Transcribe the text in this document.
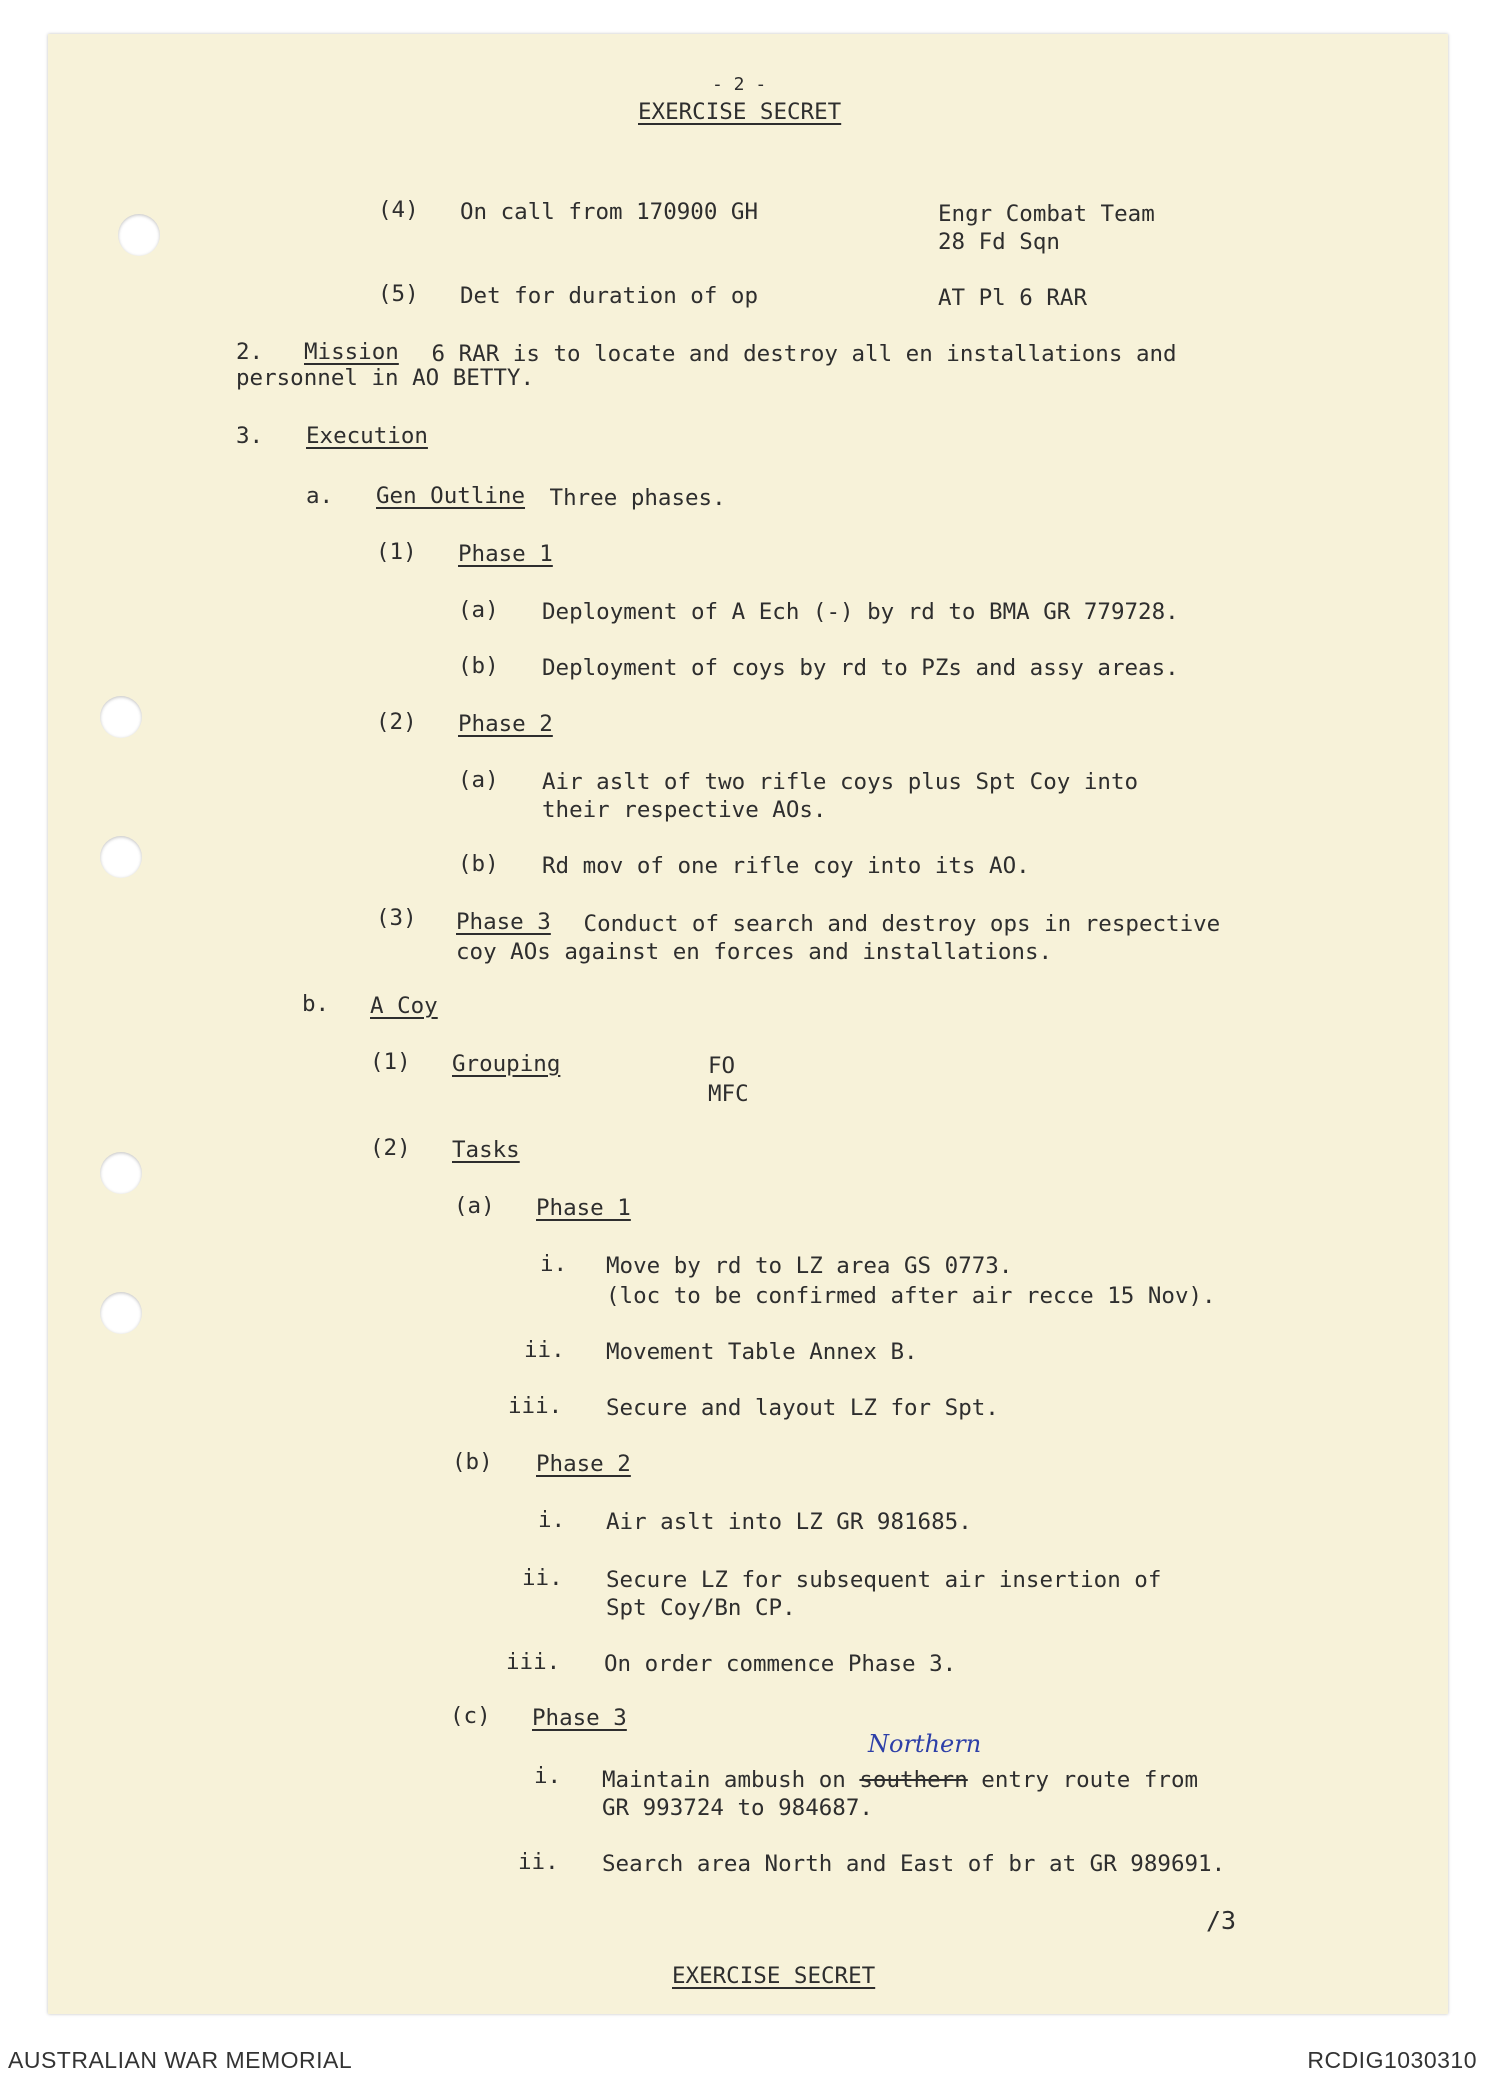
- 2 -
EXERCISE SECRET
(4) On call from 170900 GH	Engr Combat Team
28 Fd Sqn
(5) Det for duration of op	AT Pl 6 RAR
2. Mission 6 RAR is to locate and destroy all en installations and
personnel in AO BETTY.
3. Execution
a. Gen Outline Three phases.
(1) Phase 1
(a) Deployment of A Ech (-) by rd to BMA GR 779728.
(b) Deployment of coys by rd to PZs and assy areas.
(2) Phase 2
(a) Air aslt of two rifle coys plus Spt Coy into
their respective AOs.
(b) Rd mov of one rifle coy into its AO.
(3) Phase 3 Conduct of search and destroy ops in respective
coy AOs against en forces and installations.
b. A Coy
(1) Grouping	FO
MFC
(2) Tasks
(a) Phase 1
i. Move by rd to LZ area GS 0773.
(loc to be confirmed after air recce 15 Nov).
ii. Movement Table Annex B.
iii. Secure and layout LZ for Spt.
(b) Phase 2
i. Air aslt into LZ GR 981685.
ii. Secure LZ for subsequent air insertion of
Spt Coy/Bn CP.
iii. On order commence Phase 3.
(c) Phase 3
i. Maintain ambush on southern entry route from
Northern
GR 993724 to 984687.
ii. Search area North and East of br at GR 989691.
/3
EXERCISE SECRET
AUSTRALIAN WAR MEMORIAL	RCDIG1030310
